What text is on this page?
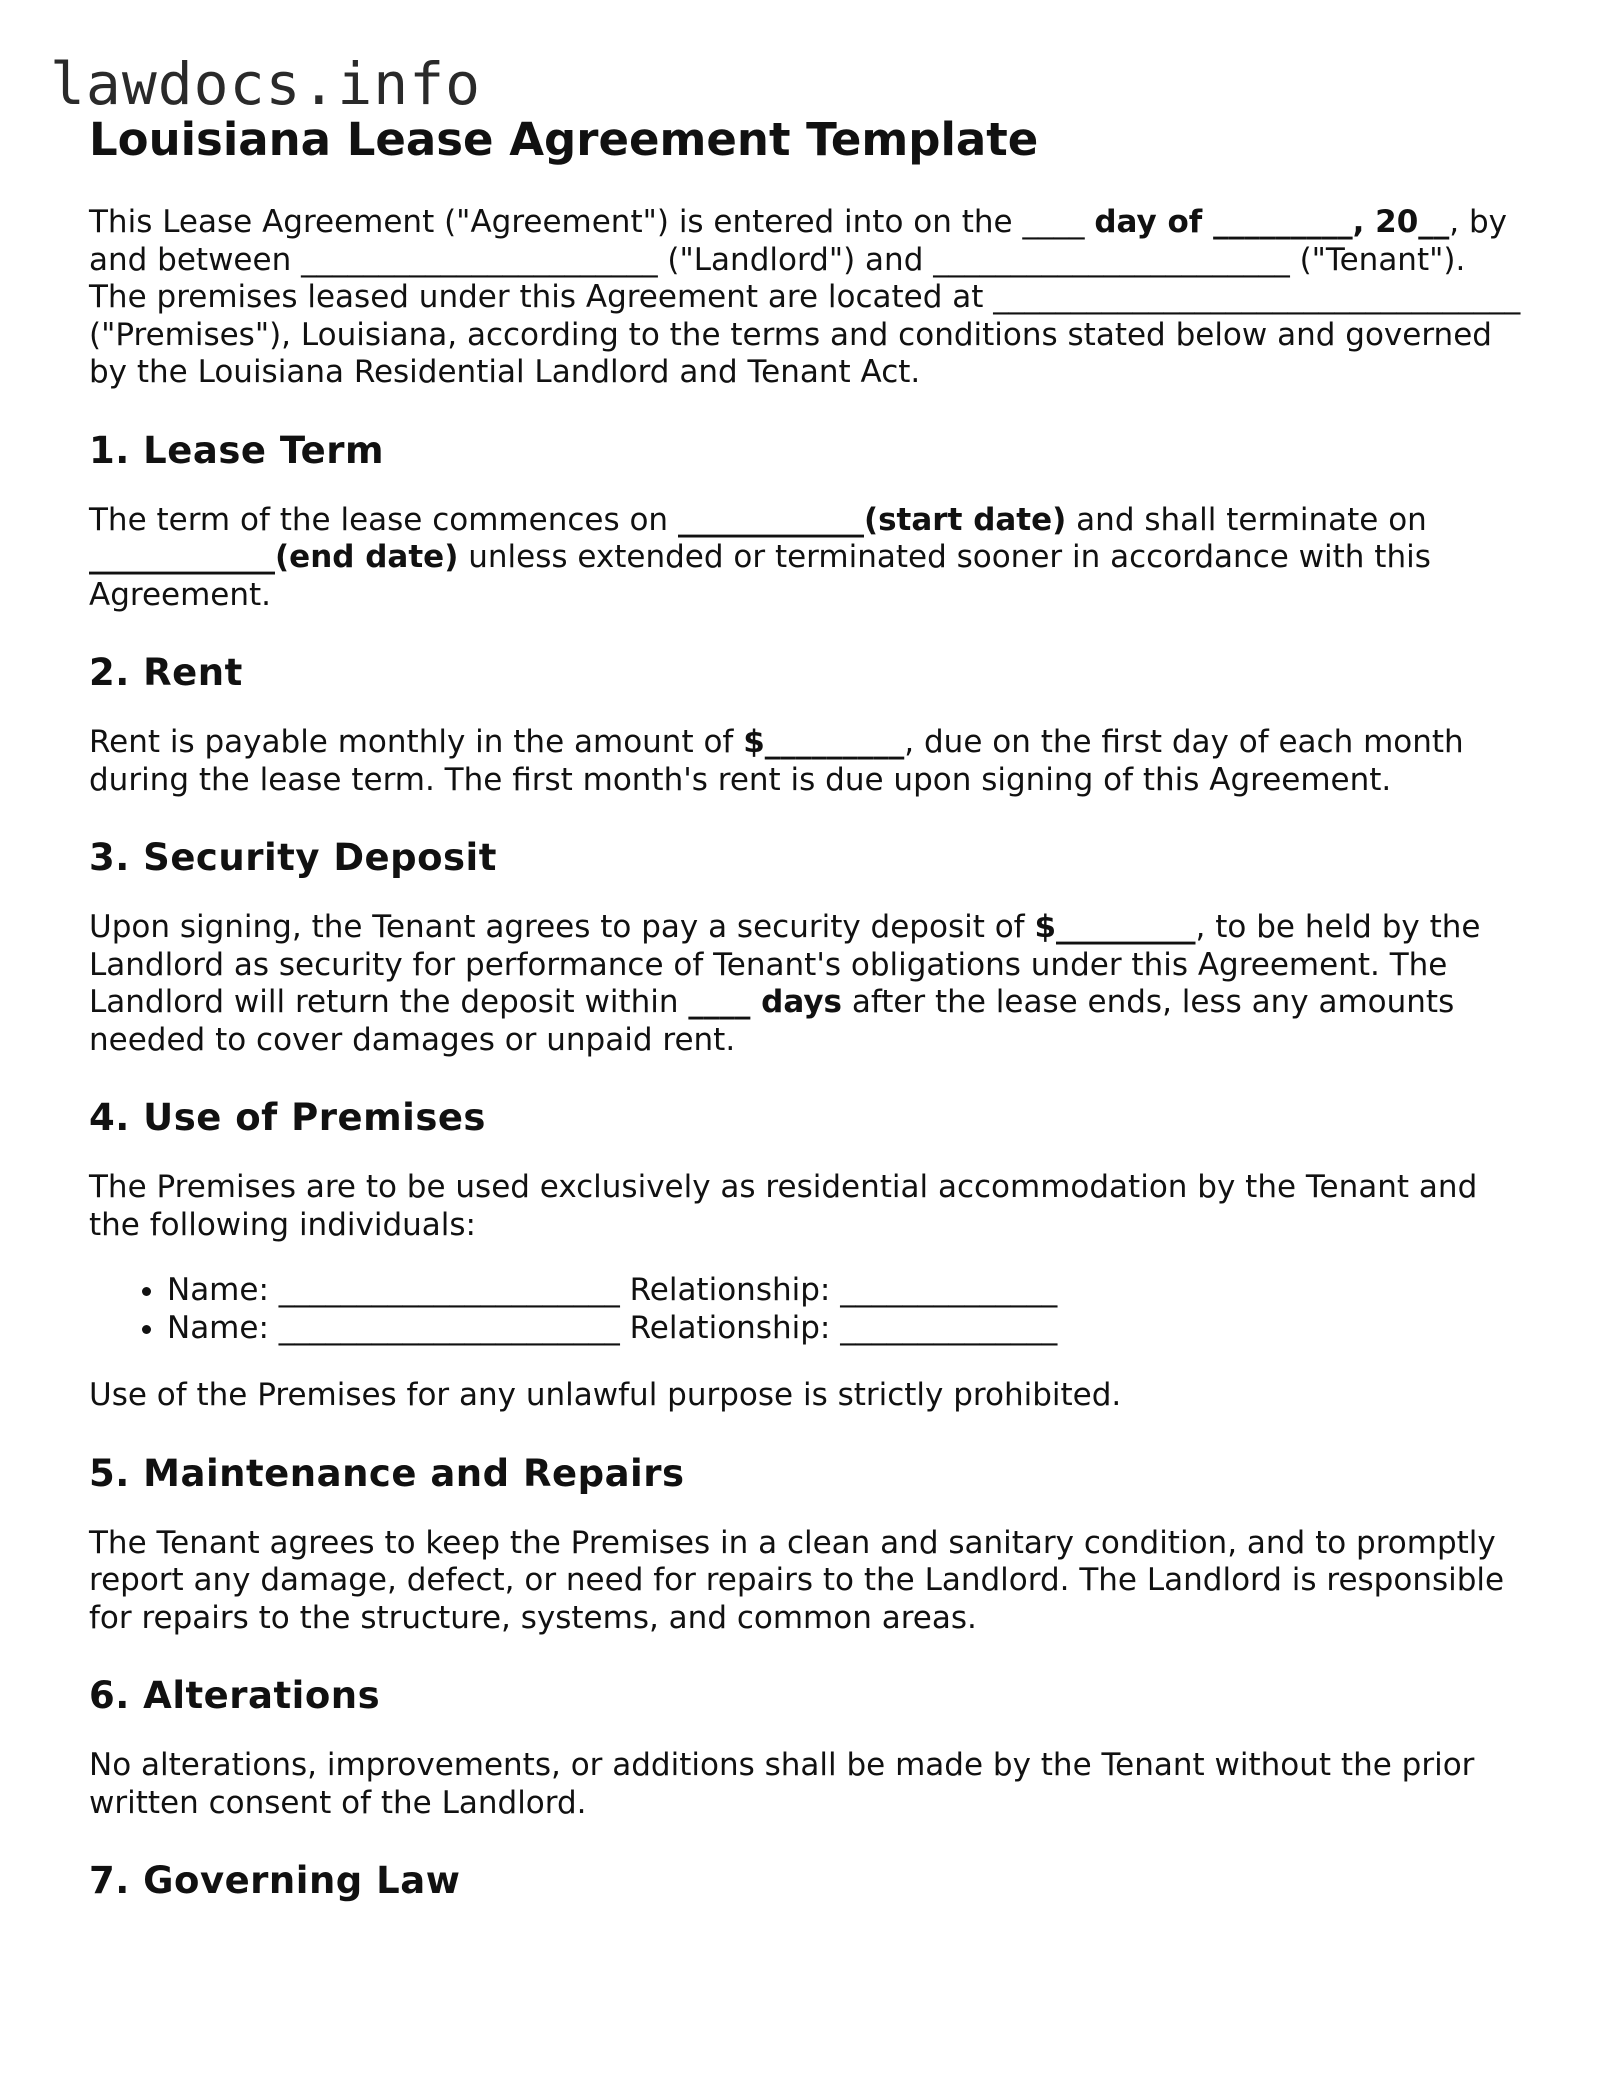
lawdocs.info
Louisiana Lease Agreement Template

This Lease Agreement ("Agreement") is entered into on the ____ day of _________, 20__, by and between _______________________ ("Landlord") and _______________________ ("Tenant"). The premises leased under this Agreement are located at __________________________________ ("Premises"), Louisiana, according to the terms and conditions stated below and governed by the Louisiana Residential Landlord and Tenant Act.

1. Lease Term

The term of the lease commences on ____________(start date) and shall terminate on ____________(end date) unless extended or terminated sooner in accordance with this Agreement.

2. Rent

Rent is payable monthly in the amount of $_________, due on the first day of each month during the lease term. The first month's rent is due upon signing of this Agreement.

3. Security Deposit

Upon signing, the Tenant agrees to pay a security deposit of $_________, to be held by the Landlord as security for performance of Tenant's obligations under this Agreement. The Landlord will return the deposit within ____ days after the lease ends, less any amounts needed to cover damages or unpaid rent.

4. Use of Premises

The Premises are to be used exclusively as residential accommodation by the Tenant and the following individuals:

• Name: ______________________ Relationship: ______________
• Name: ______________________ Relationship: ______________

Use of the Premises for any unlawful purpose is strictly prohibited.

5. Maintenance and Repairs

The Tenant agrees to keep the Premises in a clean and sanitary condition, and to promptly report any damage, defect, or need for repairs to the Landlord. The Landlord is responsible for repairs to the structure, systems, and common areas.

6. Alterations

No alterations, improvements, or additions shall be made by the Tenant without the prior written consent of the Landlord.

7. Governing Law
